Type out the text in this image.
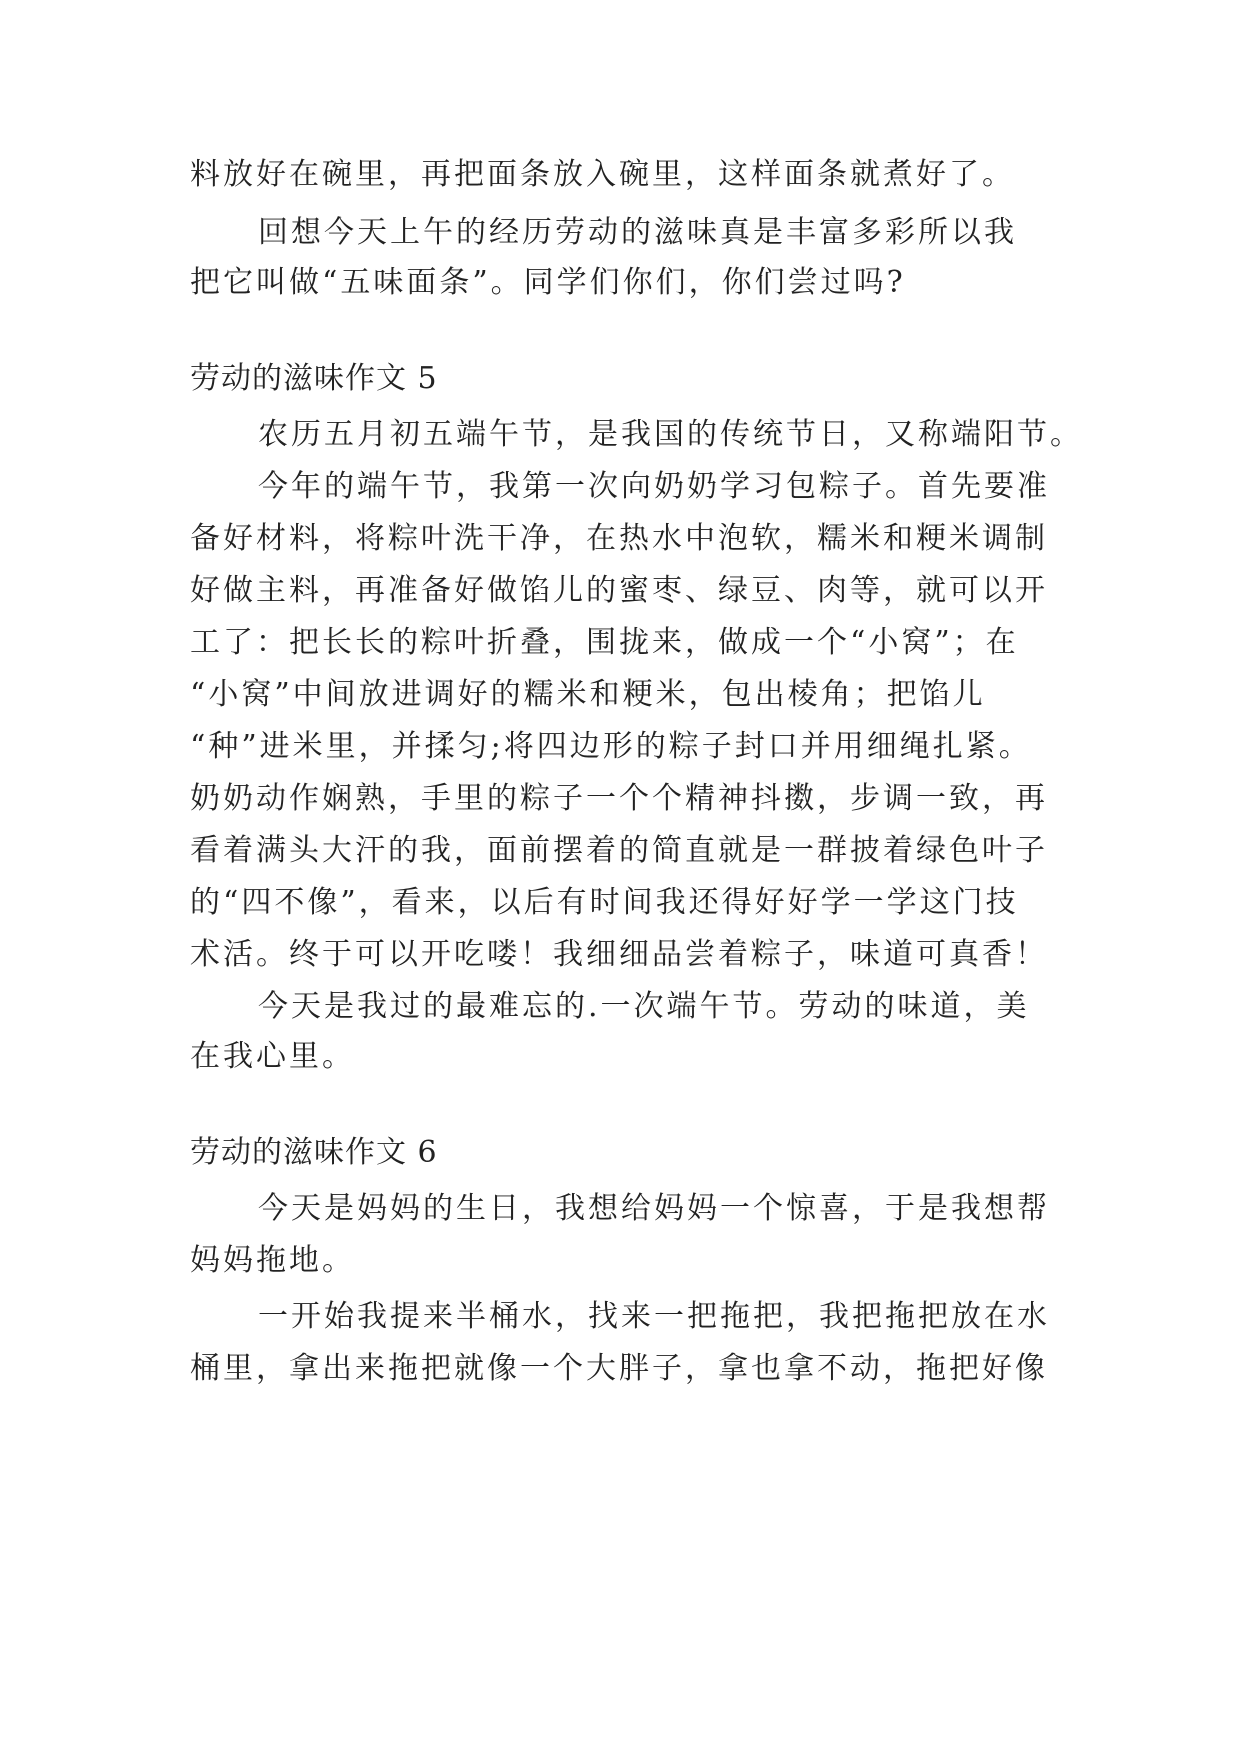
料放好在碗里，再把面条放入碗里，这样面条就煮好了。
回想今天上午的经历劳动的滋味真是丰富多彩所以我
把它叫做“五味面条”。同学们你们，你们尝过吗?
劳动的滋味作文 5
农历五月初五端午节，是我国的传统节日，又称端阳节。
今年的端午节，我第一次向奶奶学习包粽子。首先要准
备好材料，将粽叶洗干净，在热水中泡软，糯米和粳米调制
好做主料，再准备好做馅儿的蜜枣、绿豆、肉等，就可以开
工了：把长长的粽叶折叠，围拢来，做成一个“小窝”；在
“小窝”中间放进调好的糯米和粳米，包出棱角；把馅儿
“种”进米里，并揉匀;将四边形的粽子封口并用细绳扎紧。
奶奶动作娴熟，手里的粽子一个个精神抖擞，步调一致，再
看着满头大汗的我，面前摆着的简直就是一群披着绿色叶子
的“四不像”，看来，以后有时间我还得好好学一学这门技
术活。终于可以开吃喽！我细细品尝着粽子，味道可真香！
今天是我过的最难忘的.一次端午节。劳动的味道，美
在我心里。
劳动的滋味作文 6
今天是妈妈的生日，我想给妈妈一个惊喜，于是我想帮
妈妈拖地。
一开始我提来半桶水，找来一把拖把，我把拖把放在水
桶里，拿出来拖把就像一个大胖子，拿也拿不动，拖把好像
